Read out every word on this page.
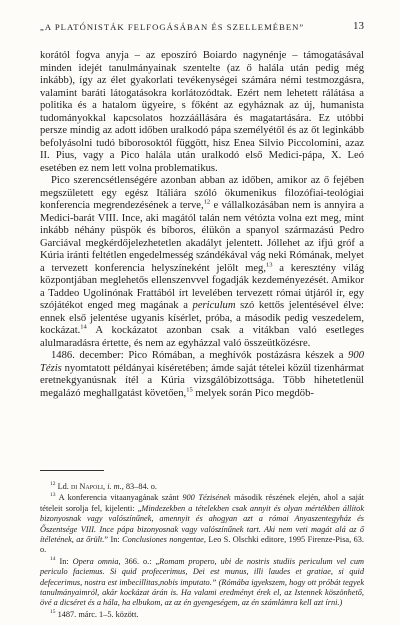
„A PLATÓNISTÁK FELFOGÁSÁBAN ÉS SZELLEMÉBEN”	13

korától fogva anyja – az eposzíró Boiardo nagynénje – támogatásával minden idejét tanulmányainak szentelte (az ő halála után pedig még inkább), így az élet gyakorlati tevékenységei számára némi testmozgásra, valamint baráti látogatásokra korlátozódtak. Ezért nem lehetett rálátása a politika és a hatalom ügyeire, s főként az egyháznak az új, humanista tudományokkal kapcsolatos hozzáállására és magatartására. Ez utóbbi persze mindig az adott időben uralkodó pápa személyétől és az őt leginkább befolyásolni tudó bíborosoktól függött, hisz Enea Silvio Piccolomini, azaz II. Pius, vagy a Pico halála után uralkodó első Medici-pápa, X. Leó esetében ez nem lett volna problematikus.

Pico szerencsétlenségére azonban abban az időben, amikor az ő fejében megszületett egy egész Itáliára szóló ökumenikus filozófiai-teológiai konferencia megrendezésének a terve,$^{12}$ e vállalkozásában nem is annyira a Medici-barát VIII. Ince, aki magától talán nem vétózta volna ezt meg, mint inkább néhány püspök és bíboros, élükön a spanyol származású Pedro Garciával megkérdőjelezhetetlen akadályt jelentett. Jóllehet az ifjú gróf a Kúria iránti feltétlen engedelmesség szándékával vág neki Rómának, melyet a tervezett konferencia helyszíneként jelölt meg,$^{13}$ a keresztény világ központjában meglehetős ellenszenvvel fogadják kezdeményezését. Amikor a Taddeo Ugolinónak Frattából írt levelében tervezett római útjáról ír, egy szójátékot enged meg magának a periculum szó kettős jelentésével élve: ennek első jelentése ugyanis kísérlet, próba, a második pedig veszedelem, kockázat.$^{14}$ A kockázatot azonban csak a vitákban való esetleges alulmaradásra értette, és nem az egyházzal való összeütközésre.

1486. december: Pico Rómában, a meghívók postázásra készek a 900 Tézis nyomtatott példányai kíséretében; ámde saját tételei közül tizenhármat eretnekgyanúsnak ítél a Kúria vizsgálóbizottsága. Több hihetetlenül megalázó meghallgatást követően,$^{15}$ melyek során Pico megdöb-

$^{12}$ Ld. di Napoli, i. m., 83–84. o.

$^{13}$ A konferencia vitaanyagának szánt 900 Tézisének második részének elején, ahol a saját tételeit sorolja fel, kijelenti: „Mindezekben a tételekben csak annyit és olyan mértékben állítok bizonyosnak vagy valószínűnek, amennyit és ahogyan azt a római Anyaszentegyház és Őszentsége VIII. Ince pápa bizonyosnak vagy valószínűnek tart. Aki nem veti magát alá az ő ítéletének, az őrült.” In: Conclusiones nongentae, Leo S. Olschki editore, 1995 Firenze-Pisa, 63. o.

$^{14}$ In: Opera omnia, 366. o.: „Romam propero, ubi de nostris studiis periculum vel cum periculo faciemus. Si quid profecerimus, Dei est munus, illi laudes et gratiae, si quid defecerimus, nostra est imbecillitas,nobis imputato.” (Rómába igyekszem, hogy ott próbát tegyek tanulmányaimról, akár kockázat árán is. Ha valami eredményt érek el, az Istennek köszönhető, övé a dicséret és a hála, ha elbukom, az az én gyengeségem, az én számlámra kell azt írni.)

$^{15}$ 1487. márc. 1–5. között.
